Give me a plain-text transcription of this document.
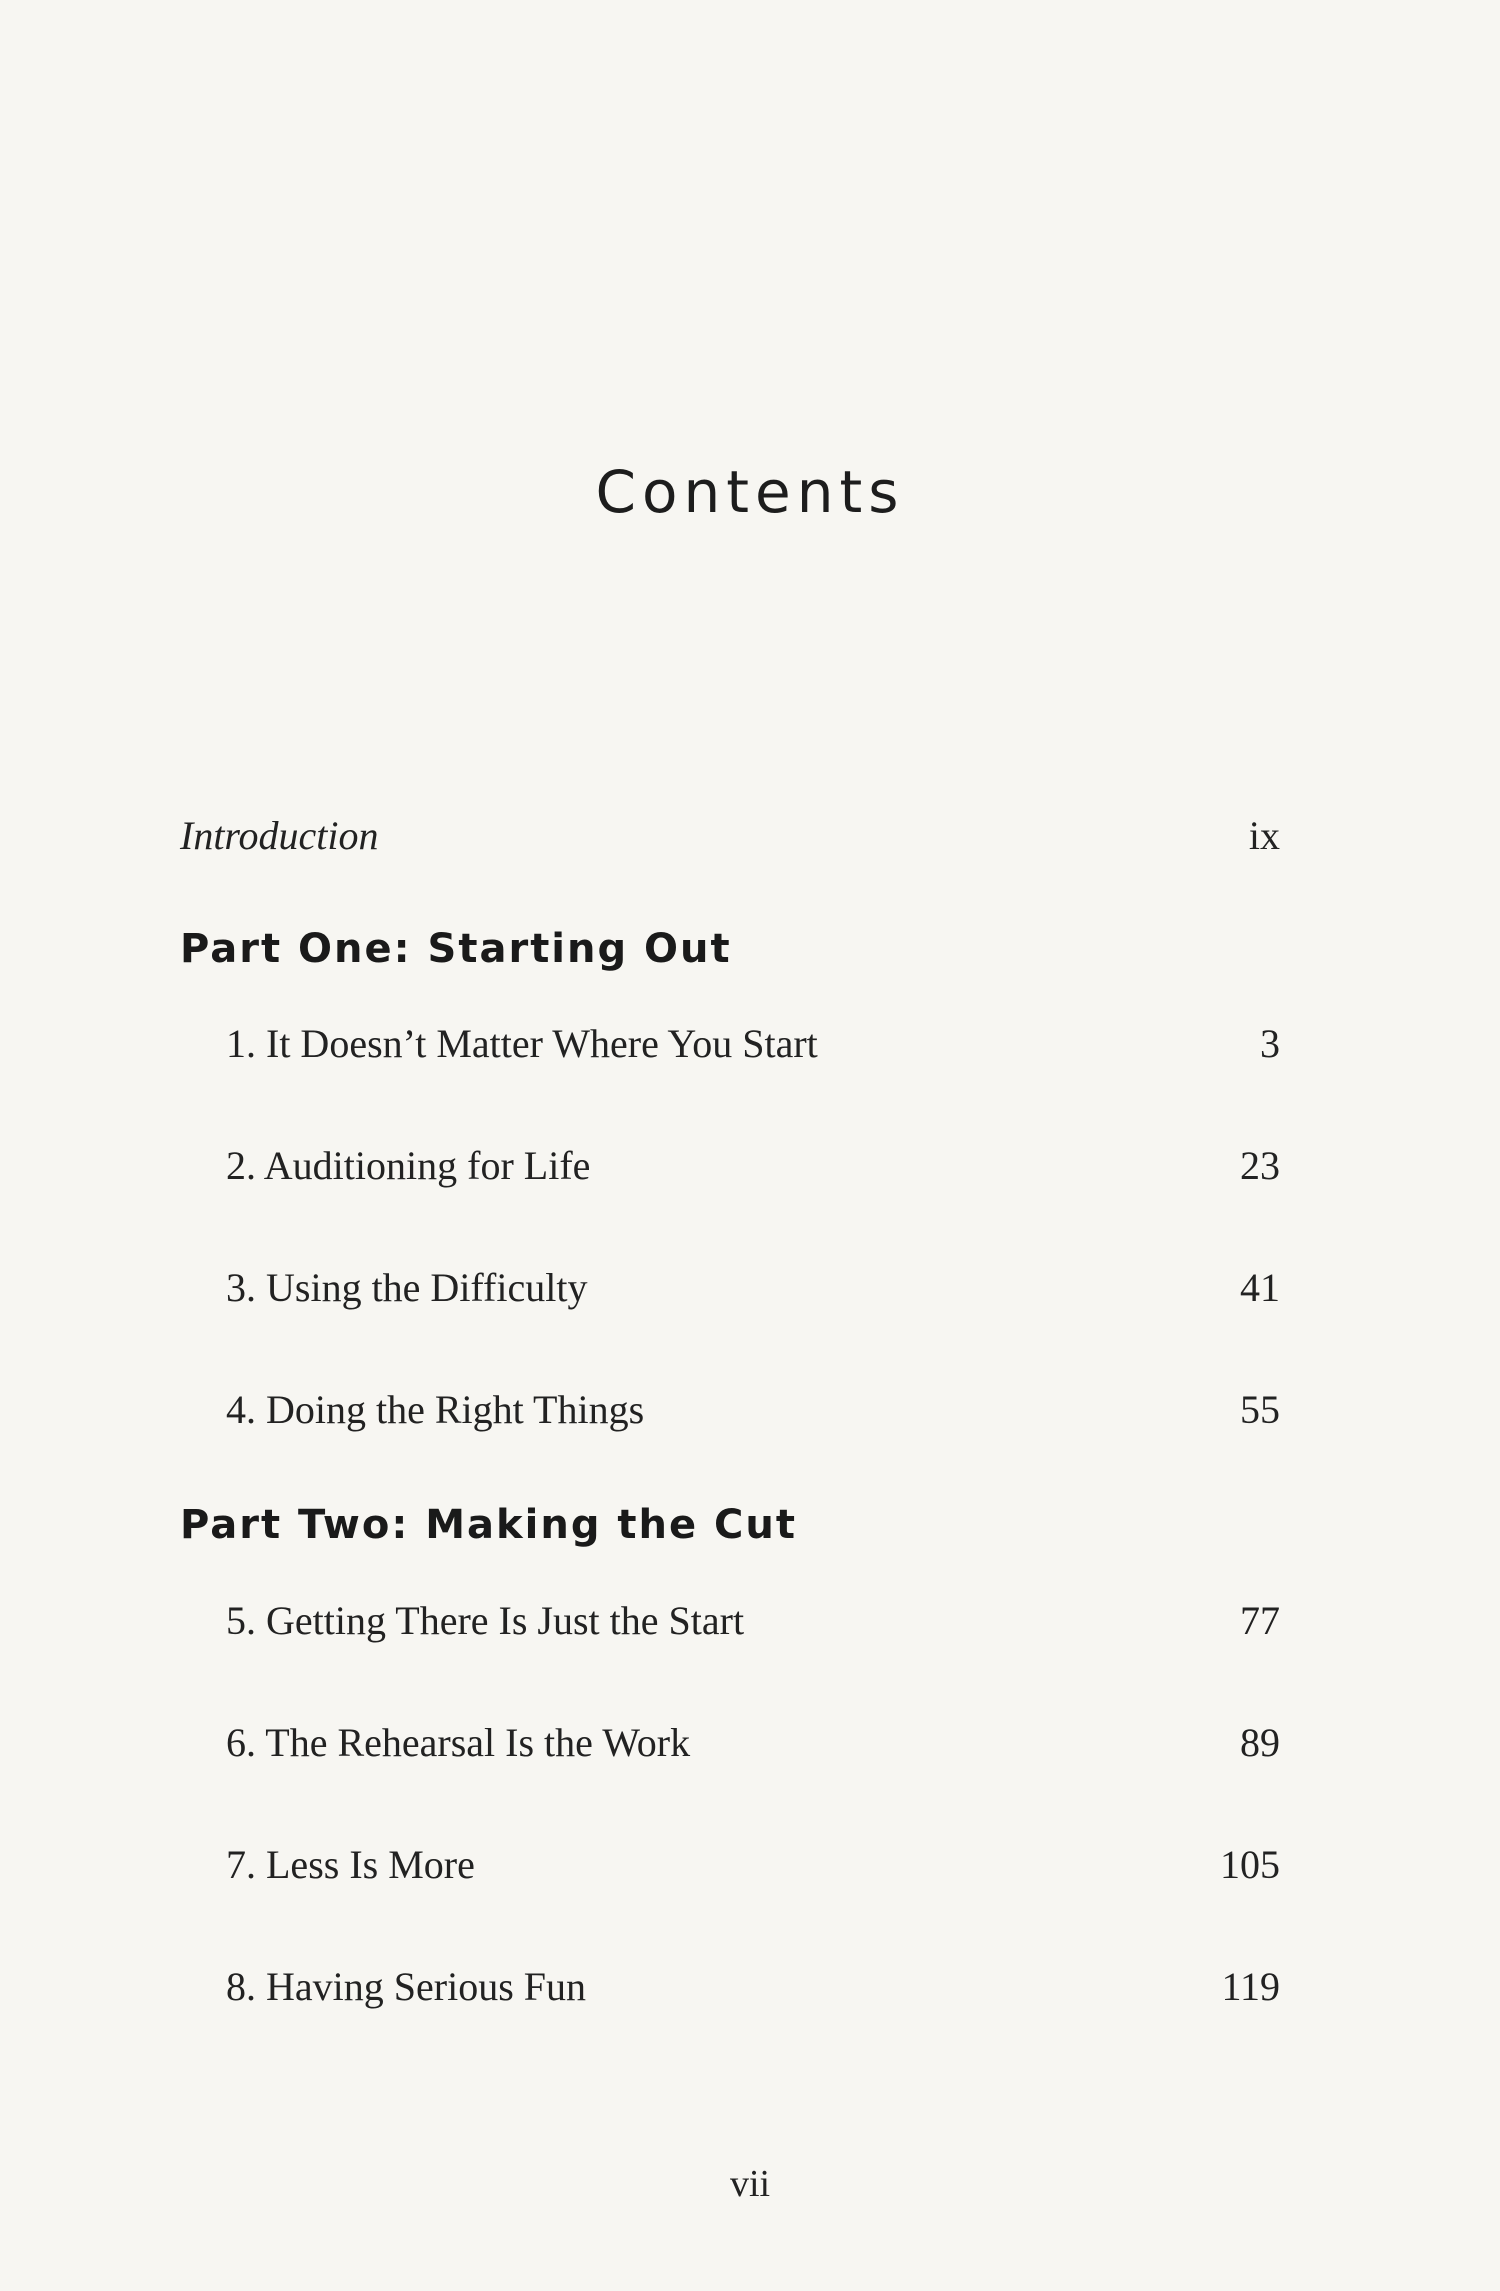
Contents
Introduction	ix
Part One: Starting Out
1. It Doesn’t Matter Where You Start	3
2. Auditioning for Life	23
3. Using the Difficulty	41
4. Doing the Right Things	55
Part Two: Making the Cut
5. Getting There Is Just the Start	77
6. The Rehearsal Is the Work	89
7. Less Is More	105
8. Having Serious Fun	119
vii
